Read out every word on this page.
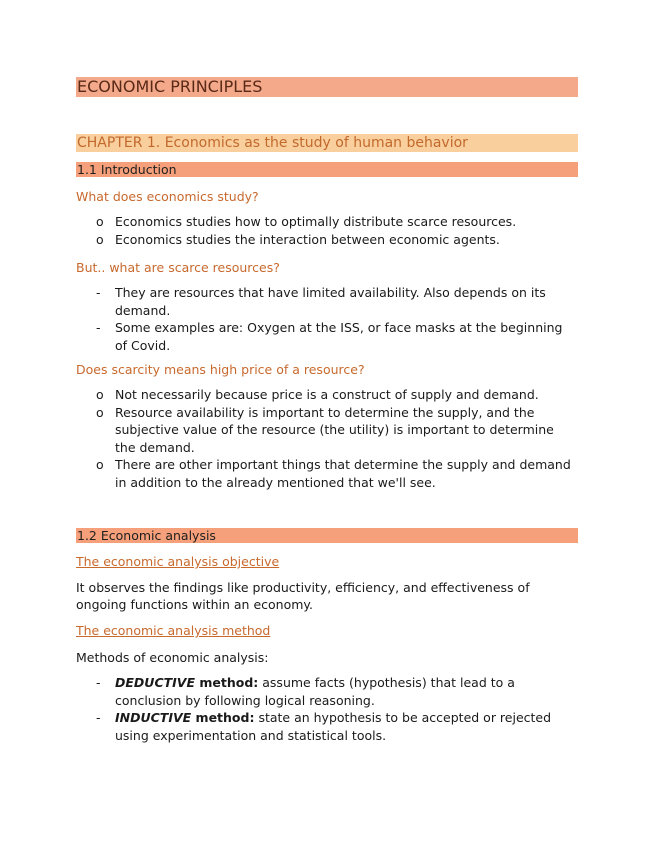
ECONOMIC PRINCIPLES
CHAPTER 1. Economics as the study of human behavior
1.1 Introduction
What does economics study?
o Economics studies how to optimally distribute scarce resources.
o Economics studies the interaction between economic agents.
But.. what are scarce resources?
-	They are resources that have limited availability. Also depends on its demand.
-	Some examples are: Oxygen at the ISS, or face masks at the beginning of Covid.
Does scarcity means high price of a resource?
o Not necessarily because price is a construct of supply and demand.
o Resource availability is important to determine the supply, and the subjective value of the resource (the utility) is important to determine the demand.
o There are other important things that determine the supply and demand in addition to the already mentioned that we'll see.
1.2 Economic analysis
The economic analysis objective
It observes the findings like productivity, efficiency, and effectiveness of ongoing functions within an economy.
The economic analysis method
Methods of economic analysis:
-	DEDUCTIVE method: assume facts (hypothesis) that lead to a conclusion by following logical reasoning.
-	INDUCTIVE method: state an hypothesis to be accepted or rejected using experimentation and statistical tools.
